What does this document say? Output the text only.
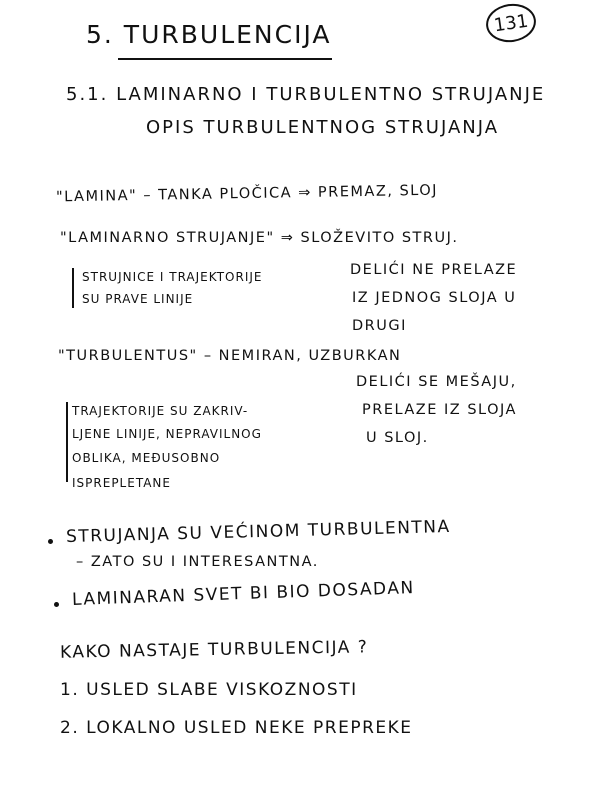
131
5. TURBULENCIJA
5.1. LAMINARNO I TURBULENTNO STRUJANJE
OPIS TURBULENTNOG STRUJANJA
"LAMINA" – TANKA PLOČICA ⇒ PREMAZ, SLOJ
"LAMINARNO STRUJANJE" ⇒ SLOŽEVITO STRUJ.
STRUJNICE I TRAJEKTORIJE
SU PRAVE LINIJE
DELIĆI NE PRELAZE
IZ JEDNOG SLOJA U
DRUGI
"TURBULENTUS" – NEMIRAN, UZBURKAN
TRAJEKTORIJE SU ZAKRIV-
LJENE LINIJE, NEPRAVILNOG
OBLIKA, MEĐUSOBNO
ISPREPLETANE
DELIĆI SE MEŠAJU,
PRELAZE IZ SLOJA
U SLOJ.
STRUJANJA SU VEĆINOM TURBULENTNA
– ZATO SU I INTERESANTNA.
LAMINARAN SVET BI BIO DOSADAN
KAKO NASTAJE TURBULENCIJA ?
1. USLED SLABE VISKOZNOSTI
2. LOKALNO USLED NEKE PREPREKE
